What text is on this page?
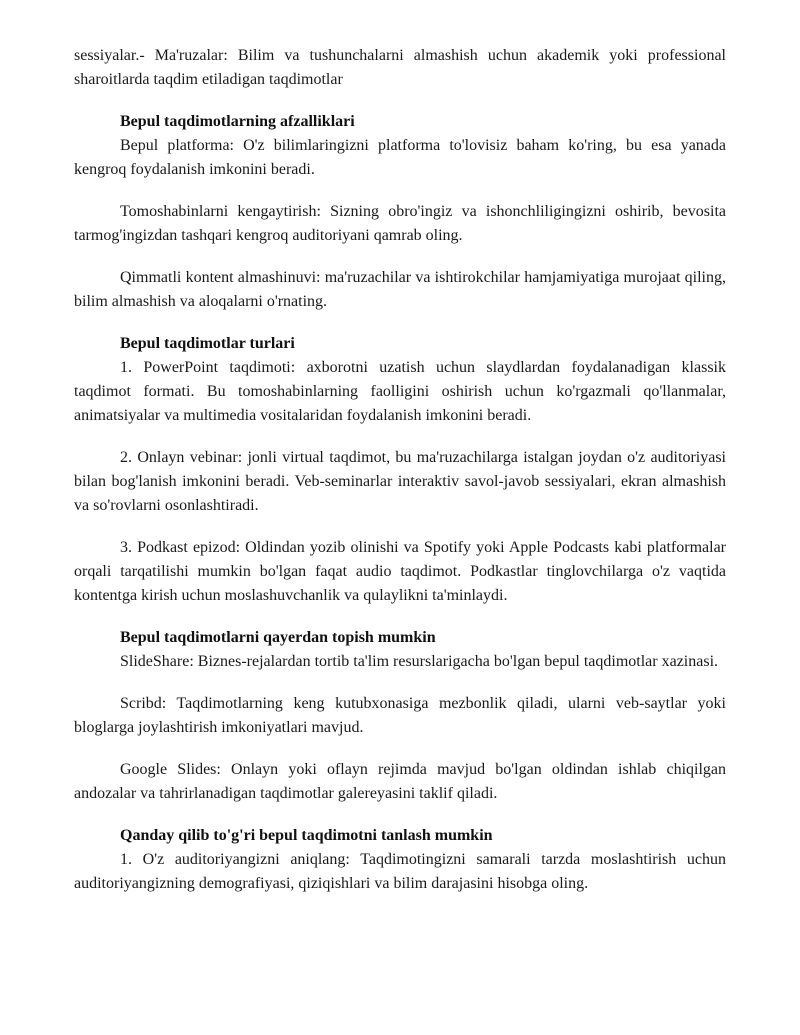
sessiyalar.- Ma'ruzalar: Bilim va tushunchalarni almashish uchun akademik yoki professional sharoitlarda taqdim etiladigan taqdimotlar

Bepul taqdimotlarning afzalliklari

Bepul platforma: O'z bilimlaringizni platforma to'lovisiz baham ko'ring, bu esa yanada kengroq foydalanish imkonini beradi.

Tomoshabinlarni kengaytirish: Sizning obro'ingiz va ishonchliligingizni oshirib, bevosita tarmog'ingizdan tashqari kengroq auditoriyani qamrab oling.

Qimmatli kontent almashinuvi: ma'ruzachilar va ishtirokchilar hamjamiyatiga murojaat qiling, bilim almashish va aloqalarni o'rnating.

Bepul taqdimotlar turlari

1. PowerPoint taqdimoti: axborotni uzatish uchun slaydlardan foydalanadigan klassik taqdimot formati. Bu tomoshabinlarning faolligini oshirish uchun ko'rgazmali qo'llanmalar, animatsiyalar va multimedia vositalaridan foydalanish imkonini beradi.

2. Onlayn vebinar: jonli virtual taqdimot, bu ma'ruzachilarga istalgan joydan o'z auditoriyasi bilan bog'lanish imkonini beradi. Veb-seminarlar interaktiv savol-javob sessiyalari, ekran almashish va so'rovlarni osonlashtiradi.

3. Podkast epizod: Oldindan yozib olinishi va Spotify yoki Apple Podcasts kabi platformalar orqali tarqatilishi mumkin bo'lgan faqat audio taqdimot. Podkastlar tinglovchilarga o'z vaqtida kontentga kirish uchun moslashuvchanlik va qulaylikni ta'minlaydi.

Bepul taqdimotlarni qayerdan topish mumkin

SlideShare: Biznes-rejalardan tortib ta'lim resurslarigacha bo'lgan bepul taqdimotlar xazinasi.

Scribd: Taqdimotlarning keng kutubxonasiga mezbonlik qiladi, ularni veb-saytlar yoki bloglarga joylashtirish imkoniyatlari mavjud.

Google Slides: Onlayn yoki oflayn rejimda mavjud bo'lgan oldindan ishlab chiqilgan andozalar va tahrirlanadigan taqdimotlar galereyasini taklif qiladi.

Qanday qilib to'g'ri bepul taqdimotni tanlash mumkin

1. O'z auditoriyangizni aniqlang: Taqdimotingizni samarali tarzda moslashtirish uchun auditoriyangizning demografiyasi, qiziqishlari va bilim darajasini hisobga oling.
